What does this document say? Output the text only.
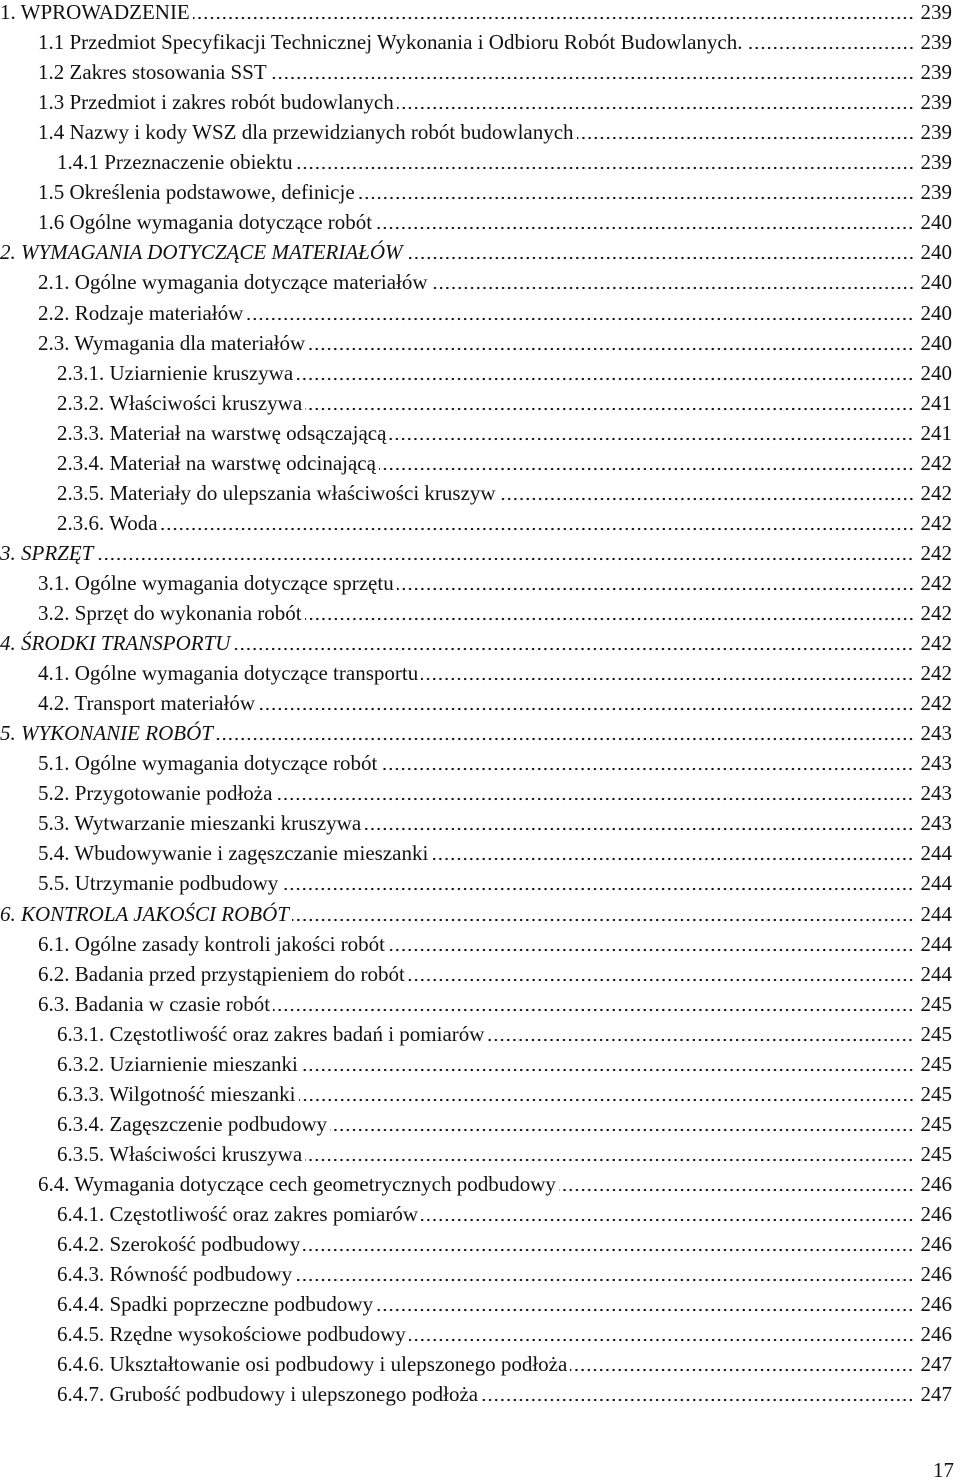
1. WPROWADZENIE	239
1.1 Przedmiot Specyfikacji Technicznej Wykonania i Odbioru Robót Budowlanych.	239
1.2 Zakres stosowania SST	239
1.3 Przedmiot i zakres robót budowlanych	239
1.4 Nazwy i kody WSZ dla przewidzianych robót budowlanych	239
1.4.1 Przeznaczenie obiektu	239
1.5 Określenia podstawowe, definicje	239
1.6 Ogólne wymagania dotyczące robót	240
2. WYMAGANIA DOTYCZĄCE MATERIAŁÓW	240
2.1. Ogólne wymagania dotyczące materiałów	240
2.2. Rodzaje materiałów	240
2.3. Wymagania dla materiałów	240
2.3.1. Uziarnienie kruszywa	240
2.3.2. Właściwości kruszywa	241
2.3.3. Materiał na warstwę odsączającą	241
2.3.4. Materiał na warstwę odcinającą	242
2.3.5. Materiały do ulepszania właściwości kruszyw	242
2.3.6. Woda	242
3. SPRZĘT	242
3.1. Ogólne wymagania dotyczące sprzętu	242
3.2. Sprzęt do wykonania robót	242
4. ŚRODKI TRANSPORTU	242
4.1. Ogólne wymagania dotyczące transportu	242
4.2. Transport materiałów	242
5. WYKONANIE ROBÓT	243
5.1. Ogólne wymagania dotyczące robót	243
5.2. Przygotowanie podłoża	243
5.3. Wytwarzanie mieszanki kruszywa	243
5.4. Wbudowywanie i zagęszczanie mieszanki	244
5.5. Utrzymanie podbudowy	244
6. KONTROLA JAKOŚCI ROBÓT	244
6.1. Ogólne zasady kontroli jakości robót	244
6.2. Badania przed przystąpieniem do robót	244
6.3. Badania w czasie robót	245
6.3.1. Częstotliwość oraz zakres badań i pomiarów	245
6.3.2. Uziarnienie mieszanki	245
6.3.3. Wilgotność mieszanki	245
6.3.4. Zagęszczenie podbudowy	245
6.3.5. Właściwości kruszywa	245
6.4. Wymagania dotyczące cech geometrycznych podbudowy	246
6.4.1. Częstotliwość oraz zakres pomiarów	246
6.4.2. Szerokość podbudowy	246
6.4.3. Równość podbudowy	246
6.4.4. Spadki poprzeczne podbudowy	246
6.4.5. Rzędne wysokościowe podbudowy	246
6.4.6. Ukształtowanie osi podbudowy i ulepszonego podłoża	247
6.4.7. Grubość podbudowy i ulepszonego podłoża	247
17
